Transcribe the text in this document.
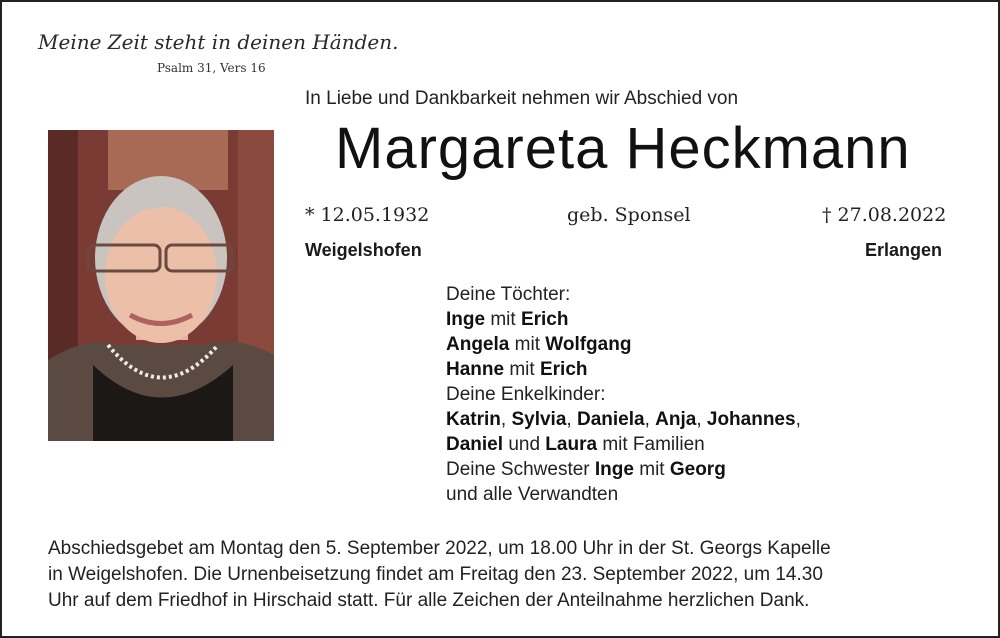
Meine Zeit steht in deinen Händen.
Psalm 31, Vers 16
In Liebe und Dankbarkeit nehmen wir Abschied von
Margareta Heckmann
* 12.05.1932	geb. Sponsel	† 27.08.2022
Weigelshofen	Erlangen
Deine Töchter:
Inge mit Erich
Angela mit Wolfgang
Hanne mit Erich
Deine Enkelkinder:
Katrin, Sylvia, Daniela, Anja, Johannes,
Daniel und Laura mit Familien
Deine Schwester Inge mit Georg
und alle Verwandten
Abschiedsgebet am Montag den 5. September 2022, um 18.00 Uhr in der St. Georgs Kapelle
in Weigelshofen. Die Urnenbeisetzung findet am Freitag den 23. September 2022, um 14.30
Uhr auf dem Friedhof in Hirschaid statt. Für alle Zeichen der Anteilnahme herzlichen Dank.
